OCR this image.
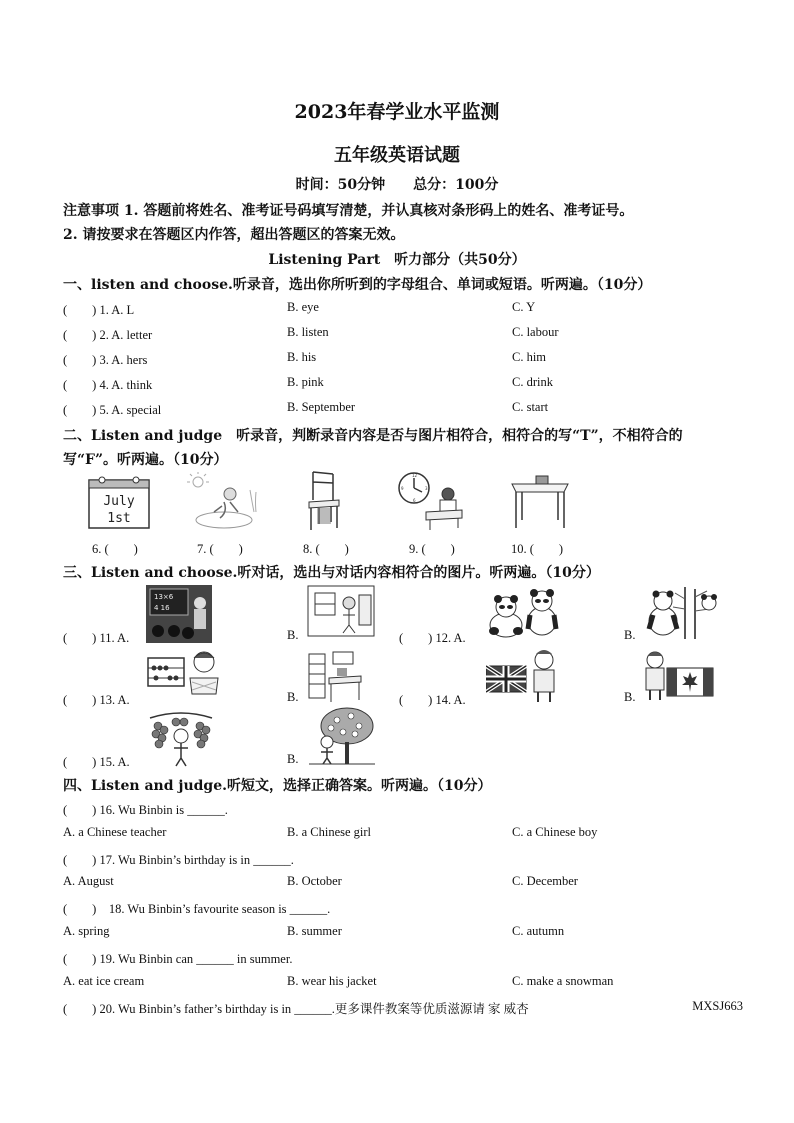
2023年春学业水平监测
五年级英语试题
时间：50分钟　　总分：100分
注意事项 1. 答题前将姓名、准考证号码填写清楚，并认真核对条形码上的姓名、准考证号。
2. 请按要求在答题区内作答，超出答题区的答案无效。
Listening Part　听力部分（共50分）
一、listen and choose.听录音，选出你所听到的字母组合、单词或短语。听两遍。（10分）
(　　) 1. A. L	B. eye	C. Y
(　　) 2. A. letter	B. listen	C. labour
(　　) 3. A. hers	B. his	C. him
(　　) 4. A. think	B. pink	C. drink
(　　) 5. A. special	B. September	C. start
二、Listen and judge　听录音，判断录音内容是否与图片相符合，相符合的写“T”，不相符合的
写“F”。听两遍。（10分）
July
1st
12
3
6
9
6. (　　)	7. (　　)	8. (　　)	9. (　　)	10. (　　)
三、Listen and choose.听对话，选出与对话内容相符合的图片。听两遍。（10分）
(　　) 11. A.
13×6
4 16
B.	(　　) 12. A.	B.
(　　) 13. A.	B.	(　　) 14. A.	B.
(　　) 15. A.	B.
四、Listen and judge.听短文，选择正确答案。听两遍。（10分）
(　　) 16. Wu Binbin is ______.
A. a Chinese teacher	B. a Chinese girl	C. a Chinese boy
(　　) 17. Wu Binbin’s birthday is in ______.
A. August	B. October	C. December
(　　)　18. Wu Binbin’s favourite season is ______.
A. spring	B. summer	C. autumn
(　　) 19. Wu Binbin can ______ in summer.
A. eat ice cream	B. wear his jacket	C. make a snowman
(　　) 20. Wu Binbin’s father’s birthday is in ______.更多课件教案等优质滋源请 家 威杏	MXSJ663
